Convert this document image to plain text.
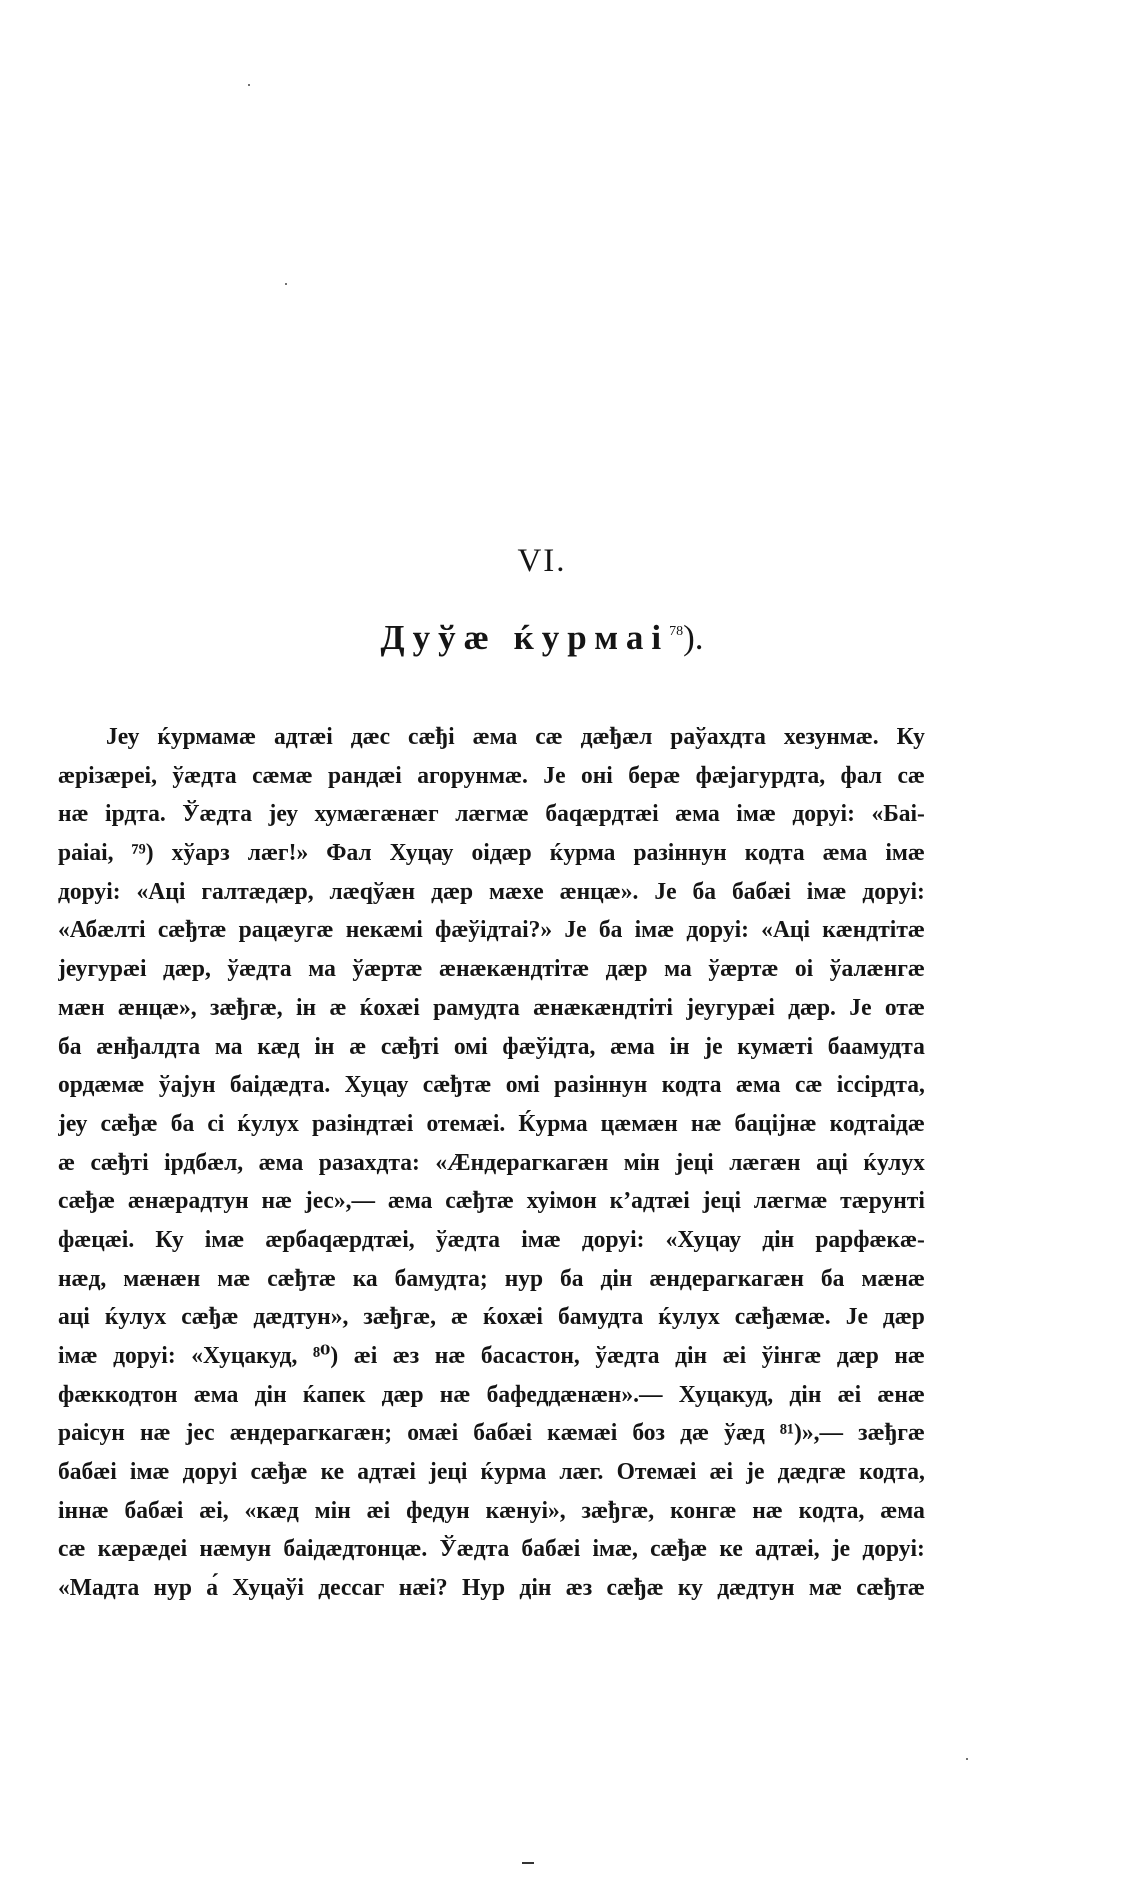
VI.
Дуўæ ќурмаі$^{78}$).
Јеу ќурмамæ адтæі дæс сæђі æма сæ дæђæл раўахдта хезунмæ. Ку
æрізæреі, ўæдта сæмæ рандæі агорунмæ. Је оні берæ фæјагурдта, фал сæ
нæ ірдта. Ўæдта јеу хумæгæнæг лæгмæ баqæрдтæі æма імæ доруі: «Баі-
раіаі, ⁷⁹) хўарз лæг!» Фал Хуцау оідæр ќурма разіннун кодта æма імæ
доруі: «Аці галтæдæр, лæqўæн дæр мæхе æнцæ». Је ба бабæі імæ доруі:
«Абæлті сæђтæ рацæугæ некæмі фæўідтаі?» Је ба імæ доруі: «Аці кæндтітæ
јеугурæі дæр, ўæдта ма ўæртæ æнæкæндтітæ дæр ма ўæртæ оі ўалæнгæ
мæн æнцæ», зæђгæ, ін æ ќохæі рамудта æнæкæндтіті јеугурæі дæр. Је отæ
ба æнђалдта ма кæд ін æ сæђті омі фæўідта, æма ін је кумæті баамудта
ордæмæ ўајун баідæдта. Хуцау сæђтæ омі разіннун кодта æма сæ іссірдта,
јеу сæђæ ба сі ќулух разіндтæі отемæі. Ќурма цæмæн нæ баціјнæ кодтаідæ
æ сæђті ірдбæл, æма разахдта: «Æндерагкагæн мін јеці лæгæн аці ќулух
сæђæ æнæрадтун нæ јес»,— æма сæђтæ хуімон к’адтæі јеці лæгмæ тæрунті
фæцæі. Ку імæ æрбаqæрдтæі, ўæдта імæ доруі: «Хуцау дін рарфæкæ-
нæд, мæнæн мæ сæђтæ ка бамудта; нур ба дін æндерагкагæн ба мæнæ
аці ќулух сæђæ дæдтун», зæђгæ, æ ќохæі бамудта ќулух сæђæмæ. Је дæр
імæ доруі: «Хуцакуд, ⁸⁰) æі æз нæ басастон, ўæдта дін æі ўінгæ дæр нæ
фæккодтон æма дін ќапек дæр нæ бафеддæнæн».— Хуцакуд, дін æі æнæ
раісун нæ јес æндерагкагæн; омæі бабæі кæмæі боз дæ ўæд ⁸¹)»,— зæђгæ
бабæі імæ доруі сæђæ ке адтæі јеці ќурма лæг. Отемæі æі је дæдгæ кодта,
іннæ бабæі æі, «кæд мін æі федун кæнуі», зæђгæ, конгæ нæ кодта, æма
сæ кæрæдеі нæмун баідæдтонцæ. Ўæдта бабæі імæ, сæђæ ке адтæі, је доруі:
«Мадта нур а́ Хуцаўі дессаг нæі? Нур дін æз сæђæ ку дæдтун мæ сæђтæ
